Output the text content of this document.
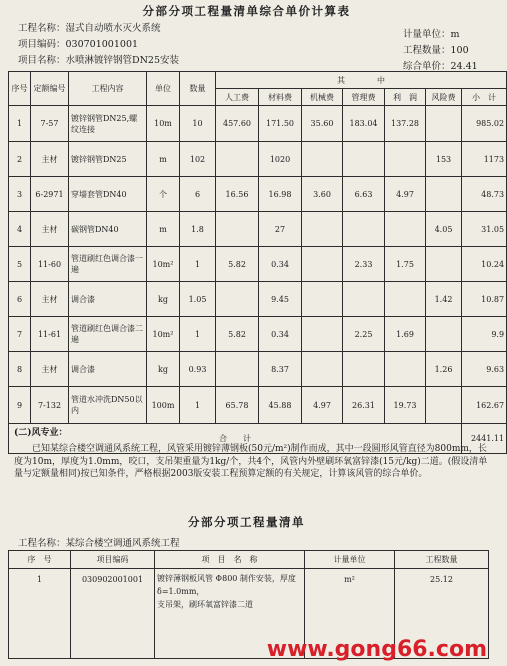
分部分项工程量清单综合单价计算表
工程名称：湿式自动喷水灭火系统
项目编码：030701001001
项目名称：水喷淋镀锌钢管DN25安装
计量单位：m
工程数量：100
综合单价：24.41
序号	定额编号	工程内容	单位	数量	其　　　　中						
					人工费	材料费	机械费	管理费	利　润	风险费	小　计
1	7-57	镀锌钢管DN25,螺纹连接	10m	10	457.60	171.50	35.60	183.04	137.28		985.02
2	主材	镀锌钢管DN25	m	102		1020				153	1173
3	6-2971	穿墙套管DN40	个	6	16.56	16.98	3.60	6.63	4.97		48.73
4	主材	碳钢管DN40	m	1.8		27				4.05	31.05
5	11-60	管道刷红色调合漆一遍	10m²	1	5.82	0.34		2.33	1.75		10.24
6	主材	调合漆	kg	1.05		9.45				1.42	10.87
7	11-61	管道刷红色调合漆二遍	10m²	1	5.82	0.34		2.25	1.69		9.9
8	主材	调合漆	kg	0.93		8.37				1.26	9.63
9	7-132	管道水冲洗DN50以内	100m	1	65.78	45.88	4.97	26.31	19.73		162.67
合　　计											2441.11
(二)风专业：
已知某综合楼空调通风系统工程，风管采用镀锌薄钢板(50元/m²)制作而成，其中一段圆形风管直径为800mm，长度为10m，厚度为1.0mm，咬口，支吊架重量为1kg/个，共4个，风管内外壁刷环氧富锌漆(15元/kg)二道。(假设清单量与定额量相同)按已知条件，严格根据2003版安装工程预算定额的有关规定，计算该风管的综合单价。
分部分项工程量清单
工程名称：某综合楼空调通风系统工程
序　号	项目编码	项　目　名　称	计量单位	工程数量
1	030902001001	镀锌薄钢板风管 Φ800 制作安装，厚度 δ=1.0mm，
支吊架，刷环氧富锌漆二道	m²	25.12
www.gong66.com
